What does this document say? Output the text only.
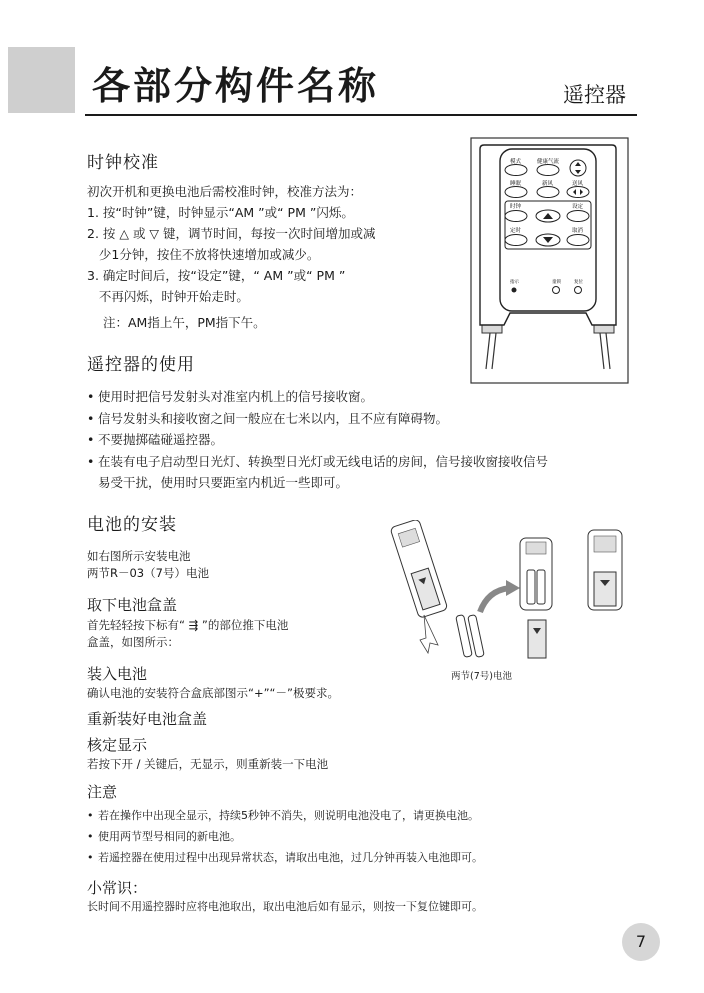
各部分构件名称	遥控器
时钟校准
初次开机和更换电池后需校准时钟，校准方法为：
1. 按“时钟”键，时钟显示“AM ”或“ PM ”闪烁。
2. 按 △ 或 ▽ 键，调节时间，每按一次时间增加或减
少1分钟，按住不放将快速增加或减少。
3. 确定时间后，按“设定”键，“ AM ”或“ PM ”
不再闪烁，时钟开始走时。
注：AM指上午，PM指下午。
模式	健康气流
睡眠	新风	送风
时钟	设定
定时	取消
指示	童锁	复位
遥控器的使用
• 使用时把信号发射头对准室内机上的信号接收窗。
• 信号发射头和接收窗之间一般应在七米以内，且不应有障碍物。
• 不要抛掷磕碰遥控器。
• 在装有电子启动型日光灯、转换型日光灯或无线电话的房间，信号接收窗接收信号
易受干扰，使用时只要距室内机近一些即可。
电池的安装
如右图所示安装电池
两节R－03（7号）电池
取下电池盒盖
首先轻轻按下标有“ ⇶ ”的部位推下电池
盒盖，如图所示：
装入电池
确认电池的安装符合盒底部图示“+”“－”极要求。
重新装好电池盒盖
核定显示
若按下开 / 关键后，无显示，则重新装一下电池
两节(7号)电池
注意
• 若在操作中出现全显示，持续5秒钟不消失，则说明电池没电了，请更换电池。
• 使用两节型号相同的新电池。
• 若遥控器在使用过程中出现异常状态，请取出电池，过几分钟再装入电池即可。
小常识：
长时间不用遥控器时应将电池取出，取出电池后如有显示，则按一下复位键即可。
7
